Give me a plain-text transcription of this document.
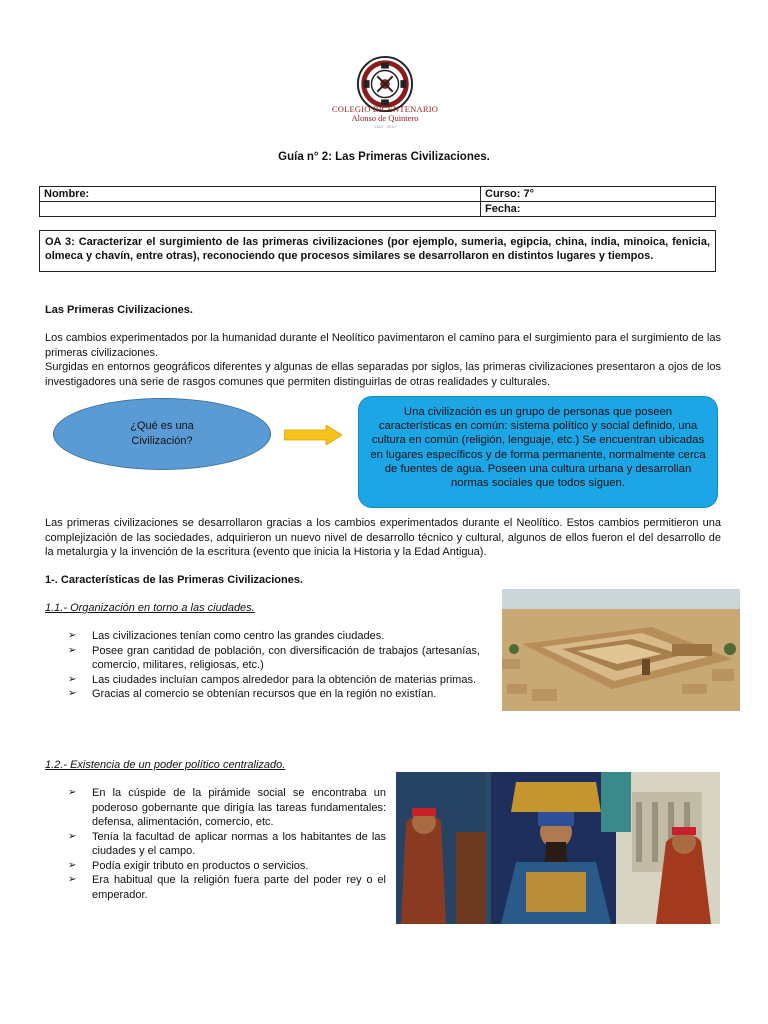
COLEGIO BICENTENARIO
Alonso de Quintero
1810 · 2010
Guía n° 2: Las Primeras Civilizaciones.
Nombre:	Curso: 7°
	Fecha:
OA 3: Caracterizar el surgimiento de las primeras civilizaciones (por ejemplo, sumeria, egipcia, china, india, minoica, fenicia, olmeca y chavín, entre otras), reconociendo que procesos similares se desarrollaron en distintos lugares y tiempos.
Las Primeras Civilizaciones.
Los cambios experimentados por la humanidad durante el Neolítico pavimentaron el camino para el surgimiento para el surgimiento de las primeras civilizaciones.
Surgidas en entornos geográficos diferentes y algunas de ellas separadas por siglos, las primeras civilizaciones presentaron a ojos de los investigadores una serie de rasgos comunes que permiten distinguirlas de otras realidades y culturales.
¿Qué es una Civilización?
Una civilización es un grupo de personas que poseen características en común: sistema político y social definido, una cultura en común (religión, lenguaje, etc.) Se encuentran ubicadas en lugares específicos y de forma permanente, normalmente cerca de fuentes de agua. Poseen una cultura urbana y desarrollan normas sociales que todos siguen.
Las primeras civilizaciones se desarrollaron gracias a los cambios experimentados durante el Neolítico. Estos cambios permitieron una complejización de las sociedades, adquirieron un nuevo nivel de desarrollo técnico y cultural, algunos de ellos fueron el del desarrollo de la metalurgia y la invención de la escritura (evento que inicia la Historia y la Edad Antigua).
1-. Características de las Primeras Civilizaciones.
1.1.- Organización en torno a las ciudades.
➢	Las civilizaciones tenían como centro las grandes ciudades.
➢	Posee gran cantidad de población, con diversificación de trabajos (artesanías, comercio, militares, religiosas, etc.)
➢	Las ciudades incluían campos alrededor para la obtención de materias primas.
➢	Gracias al comercio se obtenían recursos que en la región no existían.
1.2.- Existencia de un poder político centralizado.
➢	En la cúspide de la pirámide social se encontraba un poderoso gobernante que dirigía las tareas fundamentales: defensa, alimentación, comercio, etc.
➢	Tenía la facultad de aplicar normas a los habitantes de las ciudades y el campo.
➢	Podía exigir tributo en productos o servicios.
➢	Era habitual que la religión fuera parte del poder rey o el emperador.
